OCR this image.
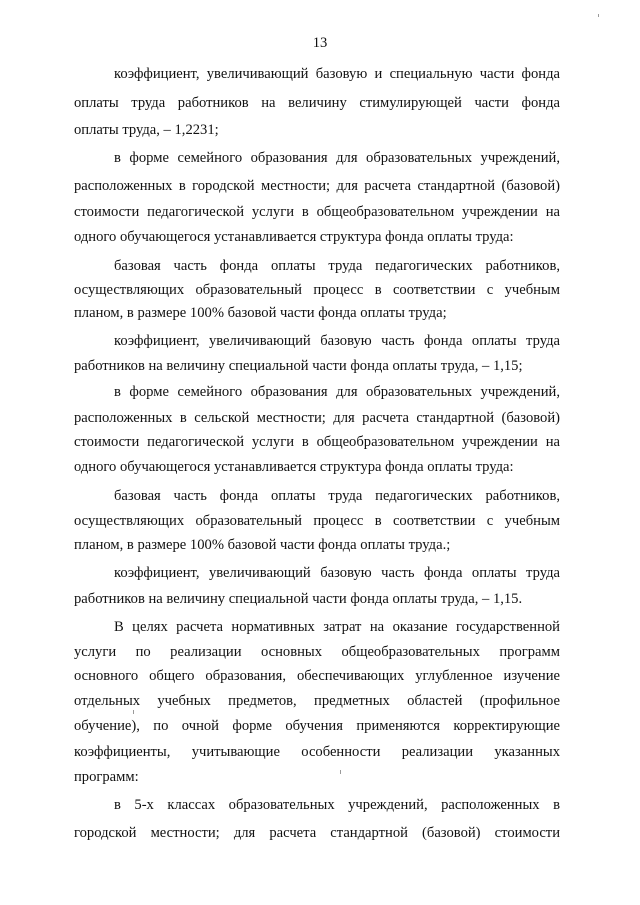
13
коэффициент, увеличивающий базовую и специальную части фонда
оплаты труда работников на величину стимулирующей части фонда
оплаты труда, – 1,2231;
в форме семейного образования для образовательных учреждений,
расположенных в городской местности; для расчета стандартной (базовой)
стоимости педагогической услуги в общеобразовательном учреждении на
одного обучающегося устанавливается структура фонда оплаты труда:
базовая часть фонда оплаты труда педагогических работников,
осуществляющих образовательный процесс в соответствии с учебным
планом, в размере 100% базовой части фонда оплаты труда;
коэффициент, увеличивающий базовую часть фонда оплаты труда
работников на величину специальной части фонда оплаты труда, – 1,15;
в форме семейного образования для образовательных учреждений,
расположенных в сельской местности; для расчета стандартной (базовой)
стоимости педагогической услуги в общеобразовательном учреждении на
одного обучающегося устанавливается структура фонда оплаты труда:
базовая часть фонда оплаты труда педагогических работников,
осуществляющих образовательный процесс в соответствии с учебным
планом, в размере 100% базовой части фонда оплаты труда.;
коэффициент, увеличивающий базовую часть фонда оплаты труда
работников на величину специальной части фонда оплаты труда, – 1,15.
В целях расчета нормативных затрат на оказание государственной
услуги по реализации основных общеобразовательных программ
основного общего образования, обеспечивающих углубленное изучение
отдельных учебных предметов, предметных областей (профильное
обучение), по очной форме обучения применяются корректирующие
коэффициенты, учитывающие особенности реализации указанных
программ:
в 5-х классах образовательных учреждений, расположенных в
городской местности; для расчета стандартной (базовой) стоимости
